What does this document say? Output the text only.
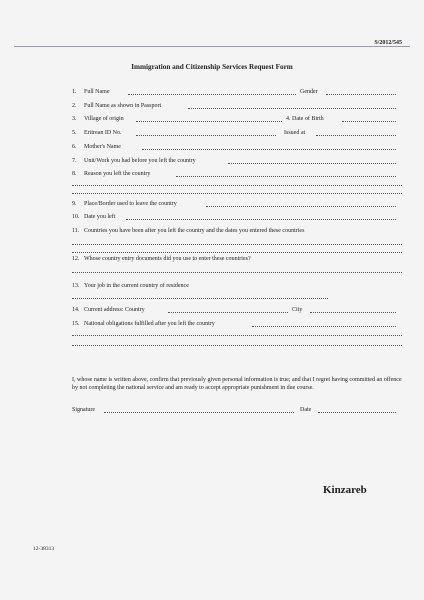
S/2012/545
Immigration and Citizenship Services Request Form
1. Full Name	Gender
2. Full Name as shown in Passport
3. Village of origin	4. Date of Birth
5. Eritrean ID No.	Issued at
6. Mother's Name
7. Unit/Work you had before you left the country
8. Reason you left the country
9. Place/Border used to leave the country
10. Date you left
11. Countries you have been after you left the country and the dates you entered these countries
12. Whose country entry documents did you use to enter these countries?
13. Your job in the current country of residence
14. Current address: Country	City
15. National obligations fulfilled after you left the country
I, whose name is written above, confirm that previously given personal information is true; and that I regret having committed an offence by not completing the national service and am ready to accept appropriate punishment in due course.
Signature	Date
Kinzareb
12-38313
